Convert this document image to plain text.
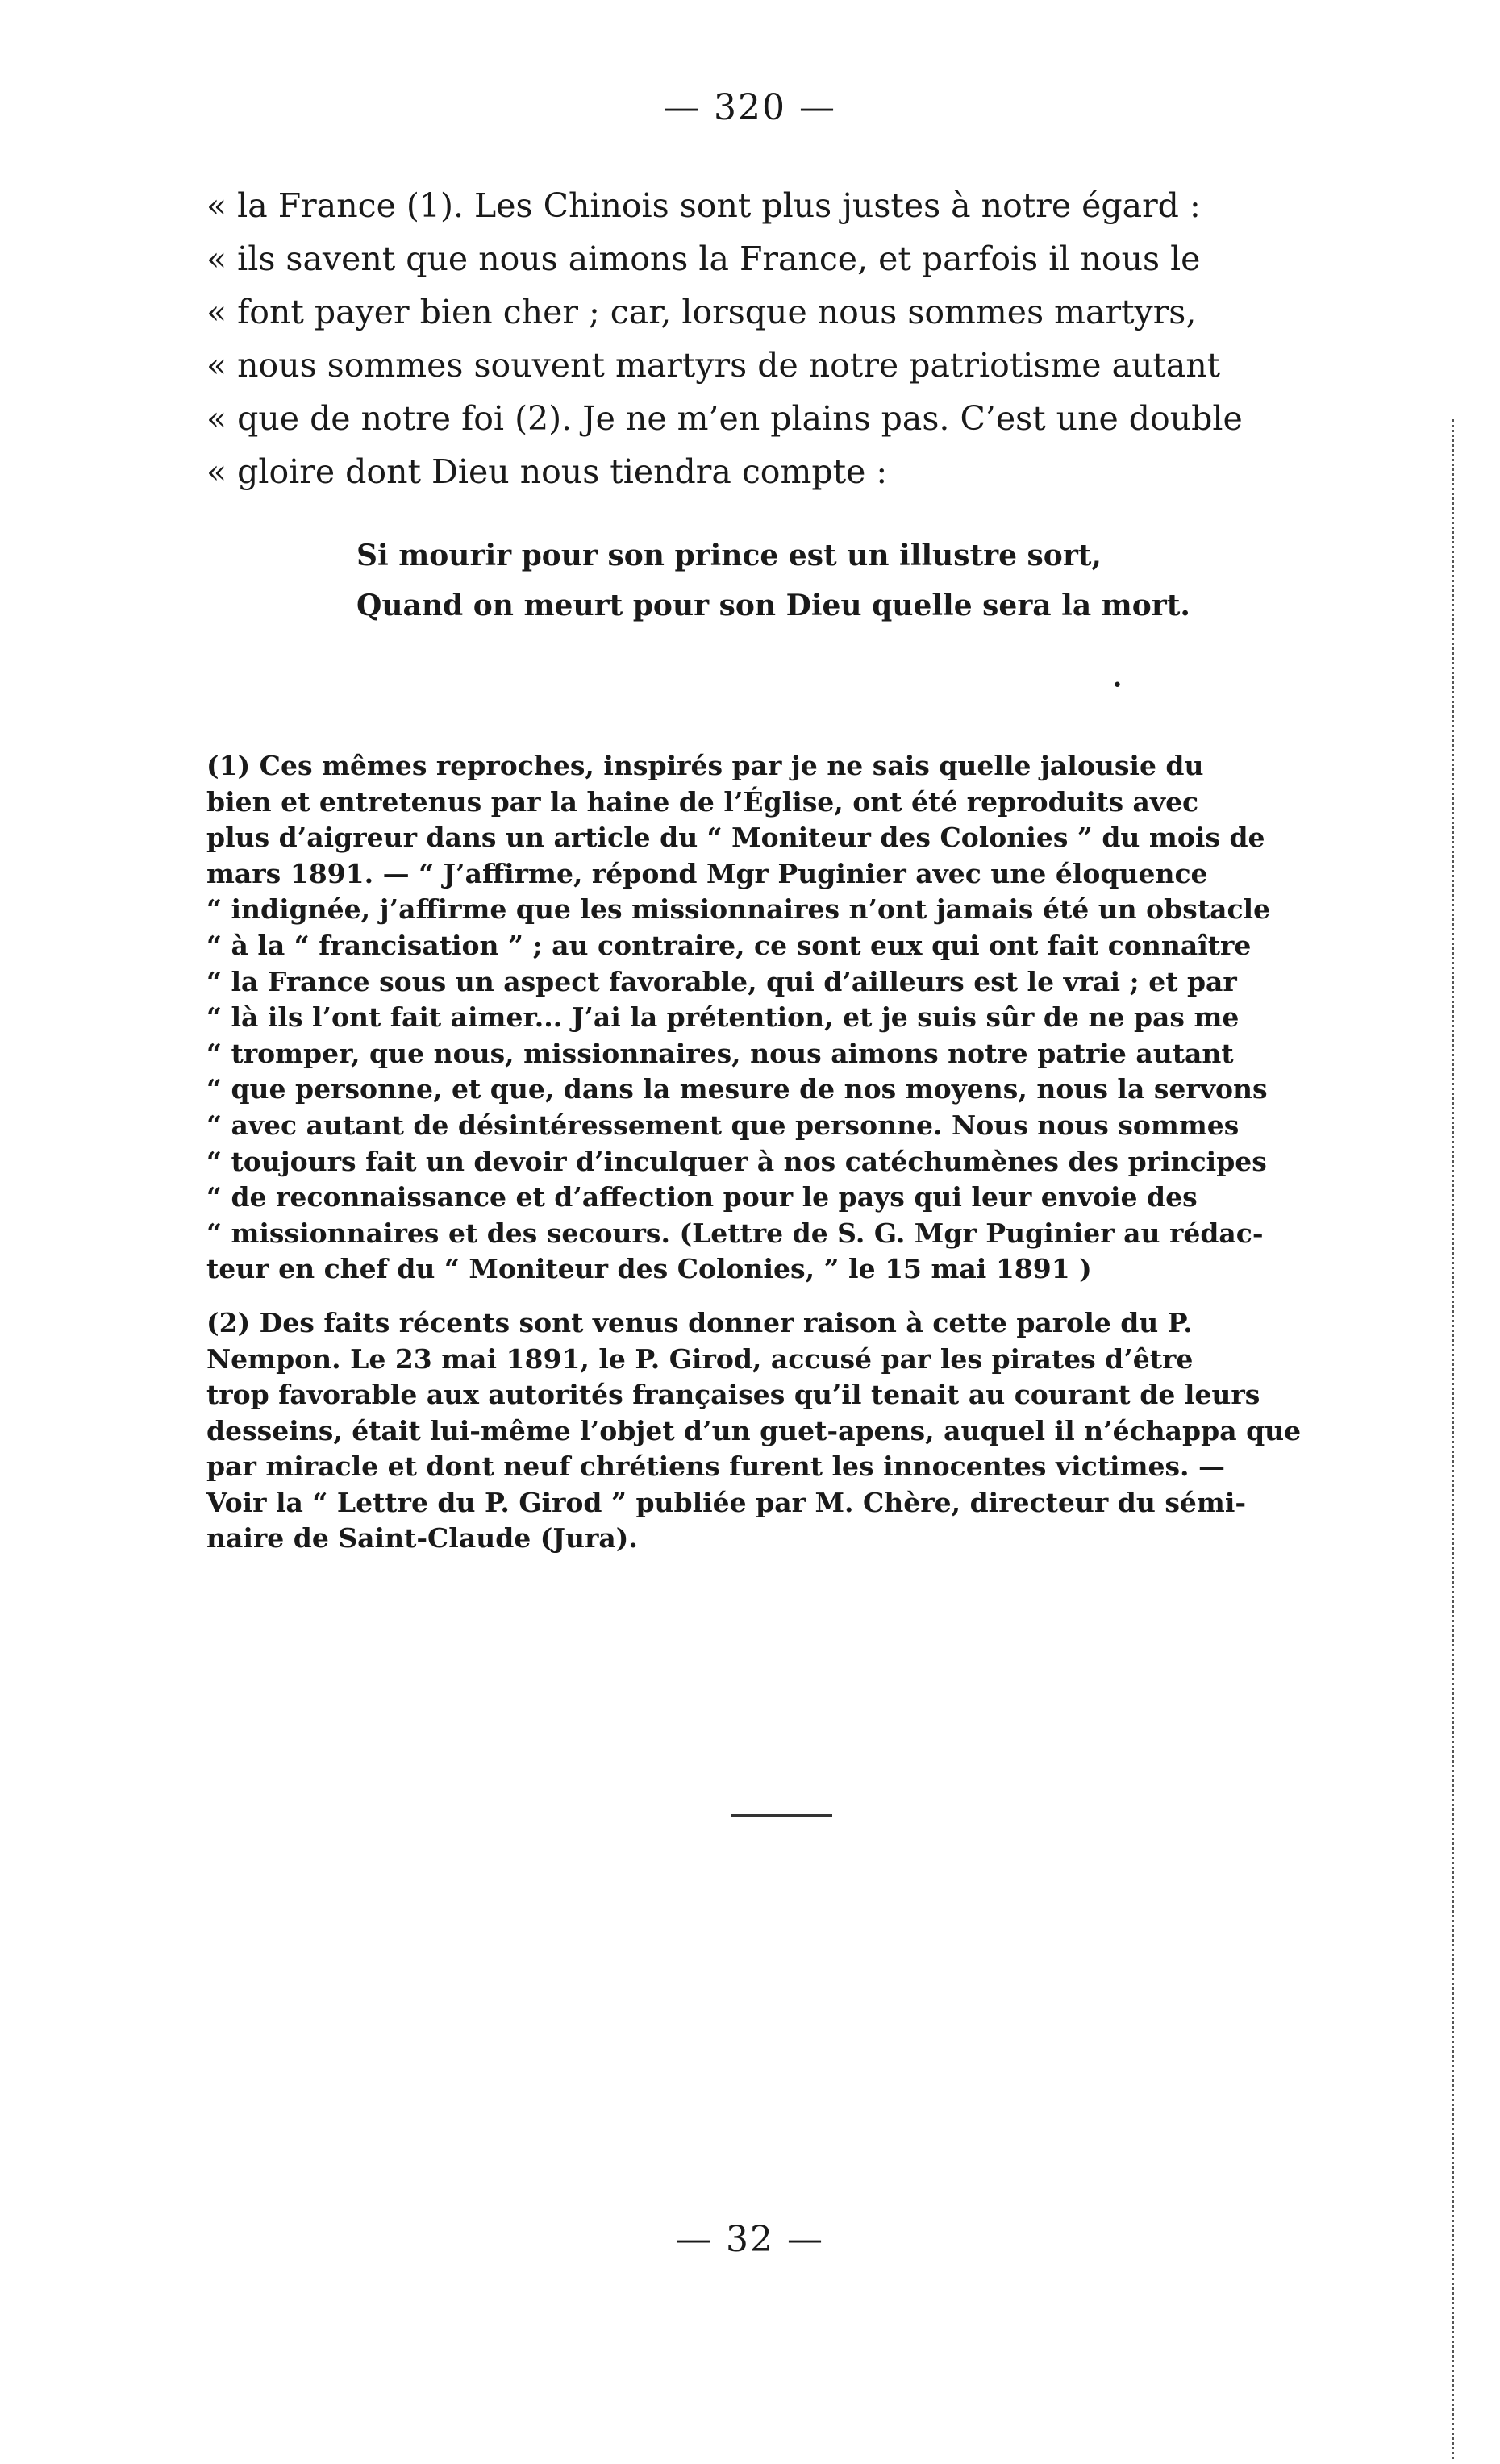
— 320 —
« la France (1). Les Chinois sont plus justes à notre égard :
« ils savent que nous aimons la France, et parfois il nous le
« font payer bien cher ; car, lorsque nous sommes martyrs,
« nous sommes souvent martyrs de notre patriotisme autant
« que de notre foi (2). Je ne m’en plains pas. C’est une double
« gloire dont Dieu nous tiendra compte :
Si mourir pour son prince est un illustre sort,
Quand on meurt pour son Dieu quelle sera la mort.
•
(1) Ces mêmes reproches, inspirés par je ne sais quelle jalousie du
bien et entretenus par la haine de l’Église, ont été reproduits avec
plus d’aigreur dans un article du “ Moniteur des Colonies ” du mois de
mars 1891. — “ J’affirme, répond Mgr Puginier avec une éloquence
“ indignée, j’affirme que les missionnaires n’ont jamais été un obstacle
“ à la “ francisation ” ; au contraire, ce sont eux qui ont fait connaître
“ la France sous un aspect favorable, qui d’ailleurs est le vrai ; et par
“ là ils l’ont fait aimer... J’ai la prétention, et je suis sûr de ne pas me
“ tromper, que nous, missionnaires, nous aimons notre patrie autant
“ que personne, et que, dans la mesure de nos moyens, nous la servons
“ avec autant de désintéressement que personne. Nous nous sommes
“ toujours fait un devoir d’inculquer à nos catéchumènes des principes
“ de reconnaissance et d’affection pour le pays qui leur envoie des
“ missionnaires et des secours. (Lettre de S. G. Mgr Puginier au rédac-
teur en chef du “ Moniteur des Colonies, ” le 15 mai 1891 )
(2) Des faits récents sont venus donner raison à cette parole du P.
Nempon. Le 23 mai 1891, le P. Girod, accusé par les pirates d’être
trop favorable aux autorités françaises qu’il tenait au courant de leurs
desseins, était lui-même l’objet d’un guet-apens, auquel il n’échappa que
par miracle et dont neuf chrétiens furent les innocentes victimes. —
Voir la “ Lettre du P. Girod ” publiée par M. Chère, directeur du sémi-
naire de Saint-Claude (Jura).
— 32 —
